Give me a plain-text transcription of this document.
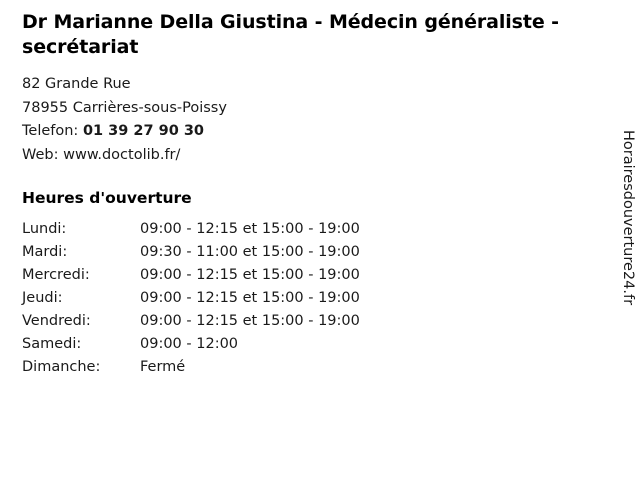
Dr Marianne Della Giustina - Médecin généraliste - secrétariat
82 Grande Rue
78955 Carrières-sous-Poissy
Telefon: 01 39 27 90 30
Web: www.doctolib.fr/
Heures d'ouverture
Lundi:	09:00 - 12:15 et 15:00 - 19:00
Mardi:	09:30 - 11:00 et 15:00 - 19:00
Mercredi:	09:00 - 12:15 et 15:00 - 19:00
Jeudi:	09:00 - 12:15 et 15:00 - 19:00
Vendredi:	09:00 - 12:15 et 15:00 - 19:00
Samedi:	09:00 - 12:00
Dimanche:	Fermé
Horairesdouverture24.fr
